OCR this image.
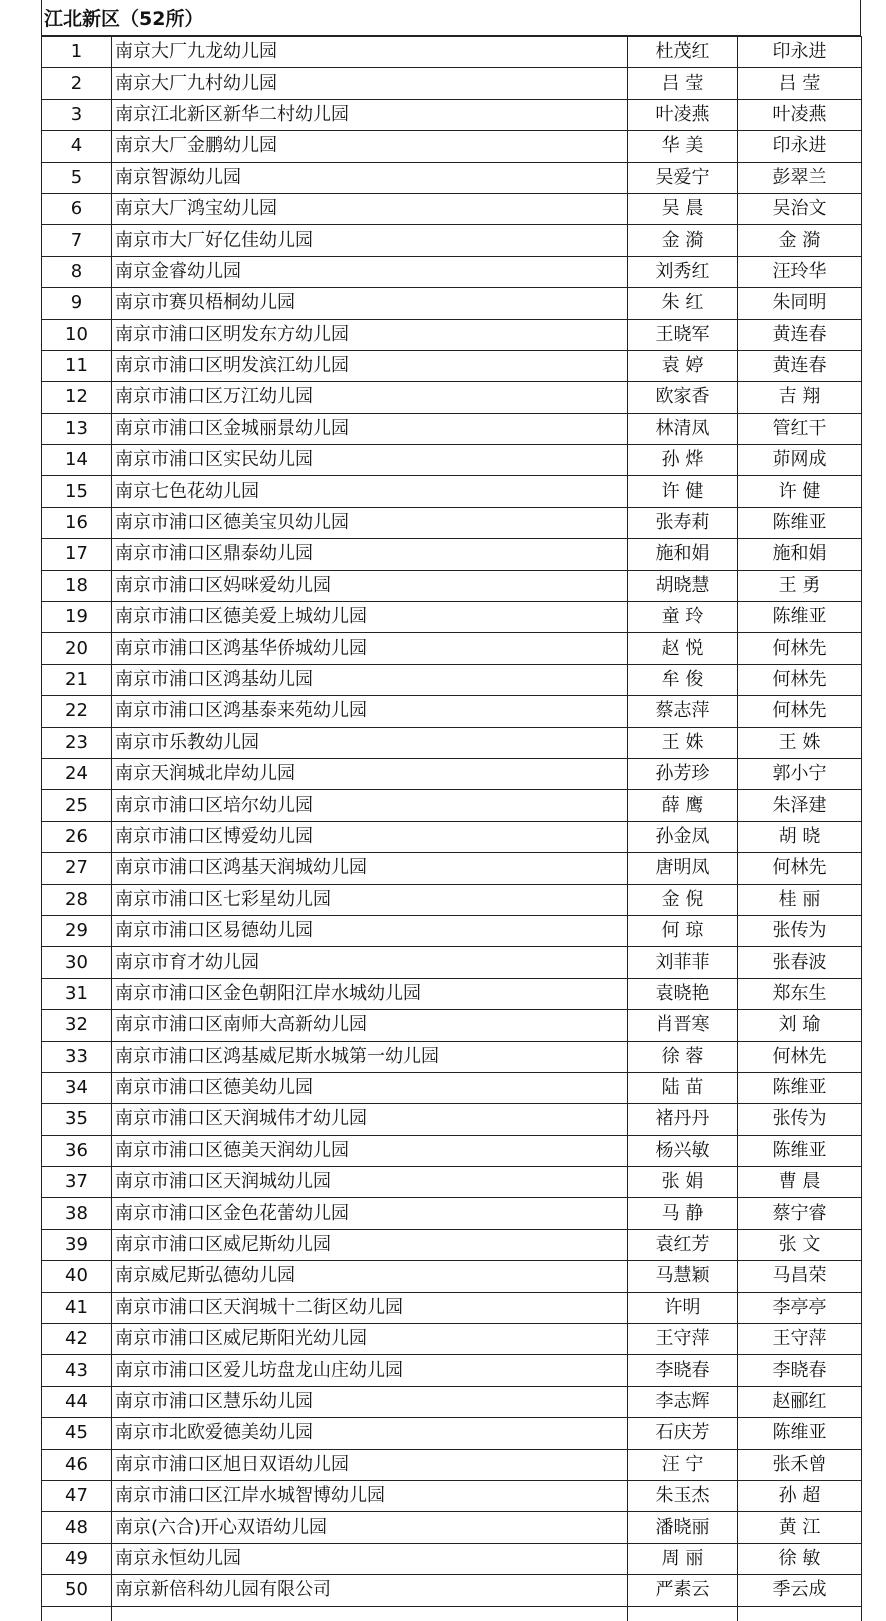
江北新区（52所）
1	南京大厂九龙幼儿园	杜茂红	印永进
2	南京大厂九村幼儿园	吕 莹	吕 莹
3	南京江北新区新华二村幼儿园	叶凌燕	叶凌燕
4	南京大厂金鹏幼儿园	华 美	印永进
5	南京智源幼儿园	吴爱宁	彭翠兰
6	南京大厂鸿宝幼儿园	吴 晨	吴治文
7	南京市大厂好亿佳幼儿园	金 漪	金 漪
8	南京金睿幼儿园	刘秀红	汪玲华
9	南京市赛贝梧桐幼儿园	朱 红	朱同明
10	南京市浦口区明发东方幼儿园	王晓军	黄连春
11	南京市浦口区明发滨江幼儿园	袁 婷	黄连春
12	南京市浦口区万江幼儿园	欧家香	吉 翔
13	南京市浦口区金城丽景幼儿园	林清凤	管红干
14	南京市浦口区实民幼儿园	孙 烨	茆网成
15	南京七色花幼儿园	许 健	许 健
16	南京市浦口区德美宝贝幼儿园	张寿莉	陈维亚
17	南京市浦口区鼎泰幼儿园	施和娟	施和娟
18	南京市浦口区妈咪爱幼儿园	胡晓慧	王 勇
19	南京市浦口区德美爱上城幼儿园	童 玲	陈维亚
20	南京市浦口区鸿基华侨城幼儿园	赵 悦	何林先
21	南京市浦口区鸿基幼儿园	牟 俊	何林先
22	南京市浦口区鸿基泰来苑幼儿园	蔡志萍	何林先
23	南京市乐教幼儿园	王 姝	王 姝
24	南京天润城北岸幼儿园	孙芳珍	郭小宁
25	南京市浦口区培尔幼儿园	薛 鹰	朱泽建
26	南京市浦口区博爱幼儿园	孙金凤	胡 晓
27	南京市浦口区鸿基天润城幼儿园	唐明凤	何林先
28	南京市浦口区七彩星幼儿园	金 倪	桂 丽
29	南京市浦口区易德幼儿园	何 琼	张传为
30	南京市育才幼儿园	刘菲菲	张春波
31	南京市浦口区金色朝阳江岸水城幼儿园	袁晓艳	郑东生
32	南京市浦口区南师大高新幼儿园	肖晋寒	刘 瑜
33	南京市浦口区鸿基威尼斯水城第一幼儿园	徐 蓉	何林先
34	南京市浦口区德美幼儿园	陆 苗	陈维亚
35	南京市浦口区天润城伟才幼儿园	褚丹丹	张传为
36	南京市浦口区德美天润幼儿园	杨兴敏	陈维亚
37	南京市浦口区天润城幼儿园	张 娟	曹 晨
38	南京市浦口区金色花蕾幼儿园	马 静	蔡宁睿
39	南京市浦口区威尼斯幼儿园	袁红芳	张 文
40	南京威尼斯弘德幼儿园	马慧颖	马昌荣
41	南京市浦口区天润城十二街区幼儿园	许明	李亭亭
42	南京市浦口区威尼斯阳光幼儿园	王守萍	王守萍
43	南京市浦口区爱儿坊盘龙山庄幼儿园	李晓春	李晓春
44	南京市浦口区慧乐幼儿园	李志辉	赵郦红
45	南京市北欧爱德美幼儿园	石庆芳	陈维亚
46	南京市浦口区旭日双语幼儿园	汪 宁	张禾曾
47	南京市浦口区江岸水城智博幼儿园	朱玉杰	孙 超
48	南京(六合)开心双语幼儿园	潘晓丽	黄 江
49	南京永恒幼儿园	周 丽	徐 敏
50	南京新倍科幼儿园有限公司	严素云	季云成
